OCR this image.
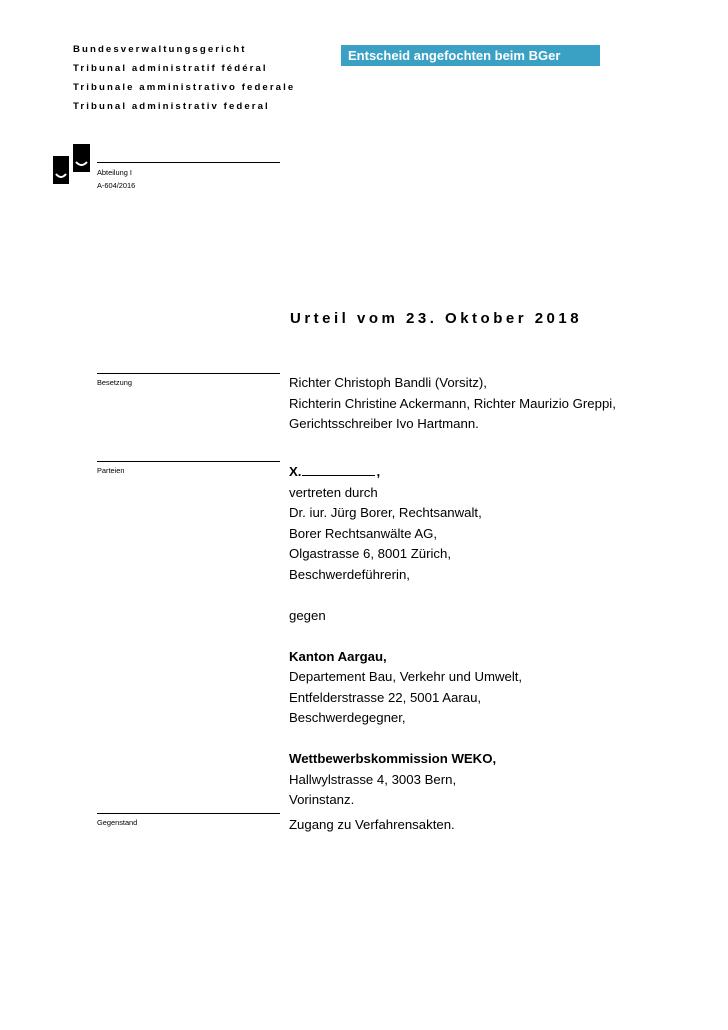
Bundesverwaltungsgericht
Tribunal administratif fédéral
Tribunale amministrativo federale
Tribunal administrativ federal
Entscheid angefochten beim BGer
Abteilung I
A-604/2016
Urteil vom 23. Oktober 2018
Besetzung	Richter Christoph Bandli (Vorsitz),
Richterin Christine Ackermann, Richter Maurizio Greppi,
Gerichtsschreiber Ivo Hartmann.
Parteien	X.	,
vertreten durch
Dr. iur. Jürg Borer, Rechtsanwalt,
Borer Rechtsanwälte AG,
Olgastrasse 6, 8001 Zürich,
Beschwerdeführerin,
gegen
Kanton Aargau,
Departement Bau, Verkehr und Umwelt,
Entfelderstrasse 22, 5001 Aarau,
Beschwerdegegner,
Wettbewerbskommission WEKO,
Hallwylstrasse 4, 3003 Bern,
Vorinstanz.
Gegenstand	Zugang zu Verfahrensakten.
